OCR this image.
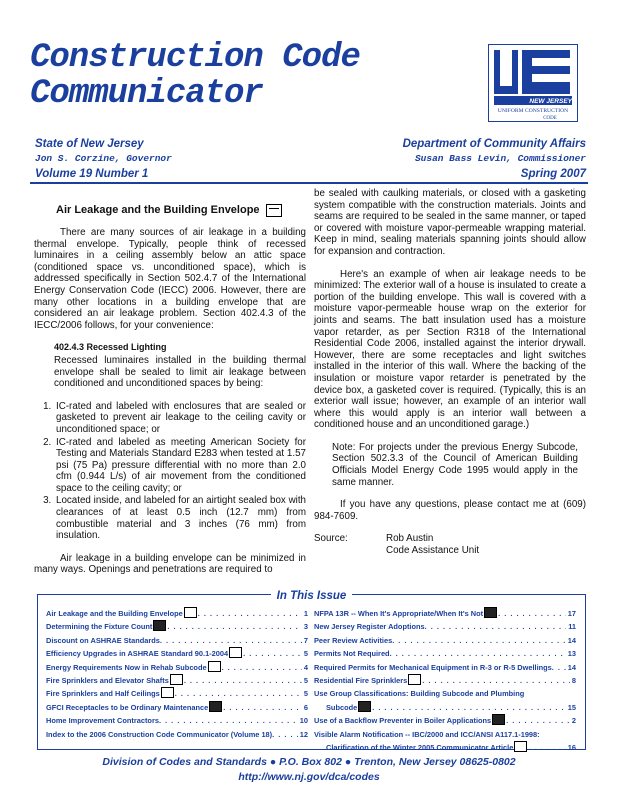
Construction Code
Communicator	NEW JERSEY
UNIFORM CONSTRUCTION
CODE
State of New Jersey	Department of Community Affairs
Jon S. Corzine, Governor	Susan Bass Levin, Commissioner
Volume 19 Number 1	Spring 2007
Air Leakage and the Building Envelope

There are many sources of air leakage in a building thermal envelope. Typically, people think of recessed luminaires in a ceiling assembly below an attic space (conditioned space vs. unconditioned space), which is addressed specifically in Section 502.4.7 of the International Energy Conservation Code (IECC) 2006. However, there are many other locations in a building envelope that are considered an air leakage problem. Section 402.4.3 of the IECC/2006 follows, for your convenience:

402.4.3 Recessed Lighting

Recessed luminaires installed in the building thermal envelope shall be sealed to limit air leakage between conditioned and unconditioned spaces by being:

1. IC-rated and labeled with enclosures that are sealed or gasketed to prevent air leakage to the ceiling cavity or unconditioned space; or
2. IC-rated and labeled as meeting American Society for Testing and Materials Standard E283 when tested at 1.57 psi (75 Pa) pressure differential with no more than 2.0 cfm (0.944 L/s) of air movement from the conditioned space to the ceiling cavity; or
3. Located inside, and labeled for an airtight sealed box with clearances of at least 0.5 inch (12.7 mm) from combustible material and 3 inches (76 mm) from insulation.

Air leakage in a building envelope can be minimized in many ways. Openings and penetrations are required to

be sealed with caulking materials, or closed with a gasketing system compatible with the construction materials. Joints and seams are required to be sealed in the same manner, or taped or covered with moisture vapor-permeable wrapping material. Keep in mind, sealing materials spanning joints should allow for expansion and contraction.

Here's an example of when air leakage needs to be minimized: The exterior wall of a house is insulated to create a portion of the building envelope. This wall is covered with a moisture vapor-permeable house wrap on the exterior for joints and seams. The batt insulation used has a moisture vapor retarder, as per Section R318 of the International Residential Code 2006, installed against the interior drywall. However, there are some receptacles and light switches installed in the interior of this wall. Where the backing of the insulation or moisture vapor retarder is penetrated by the device box, a gasketed cover is required. (Typically, this is an exterior wall issue; however, an example of an interior wall where this would apply is an interior wall between a conditioned house and an unconditioned garage.)

Note: For projects under the previous Energy Subcode, Section 502.3.3 of the Council of American Building Officials Model Energy Code 1995 would apply in the same manner.

If you have any questions, please contact me at (609) 984-7609.

Source:	Rob Austin
Code Assistance Unit
In This Issue
Air Leakage and the Building Envelope . . .	1
Determining the Fixture Count . . .	3
Discount on ASHRAE Standards . . .	7
Efficiency Upgrades in ASHRAE Standard 90.1-2004 . . .	5
Energy Requirements Now in Rehab Subcode . . .	4
Fire Sprinklers and Elevator Shafts . . .	5
Fire Sprinklers and Half Ceilings . . .	5
GFCI Receptacles to be Ordinary Maintenance . . .	6
Home Improvement Contractors . . .	10
Index to the 2006 Construction Code Communicator (Volume 18) . . .	12
NFPA 13R -- When It's Appropriate/When It's Not . . .	17
New Jersey Register Adoptions . . .	11
Peer Review Activities . . .	14
Permits Not Required . . .	13
Required Permits for Mechanical Equipment in R-3 or R-5 Dwellings . . . 14
Residential Fire Sprinklers . . .	8
Use Group Classifications: Building Subcode and Plumbing
Subcode . . .	15
Use of a Backflow Preventer in Boiler Applications . . .	2
Visible Alarm Notification -- IBC/2000 and ICC/ANSI A117.1-1998:
Clarification of the Winter 2005 Communicator Article . . .	16
Division of Codes and Standards ● P.O. Box 802 ● Trenton, New Jersey 08625-0802
http://www.nj.gov/dca/codes
